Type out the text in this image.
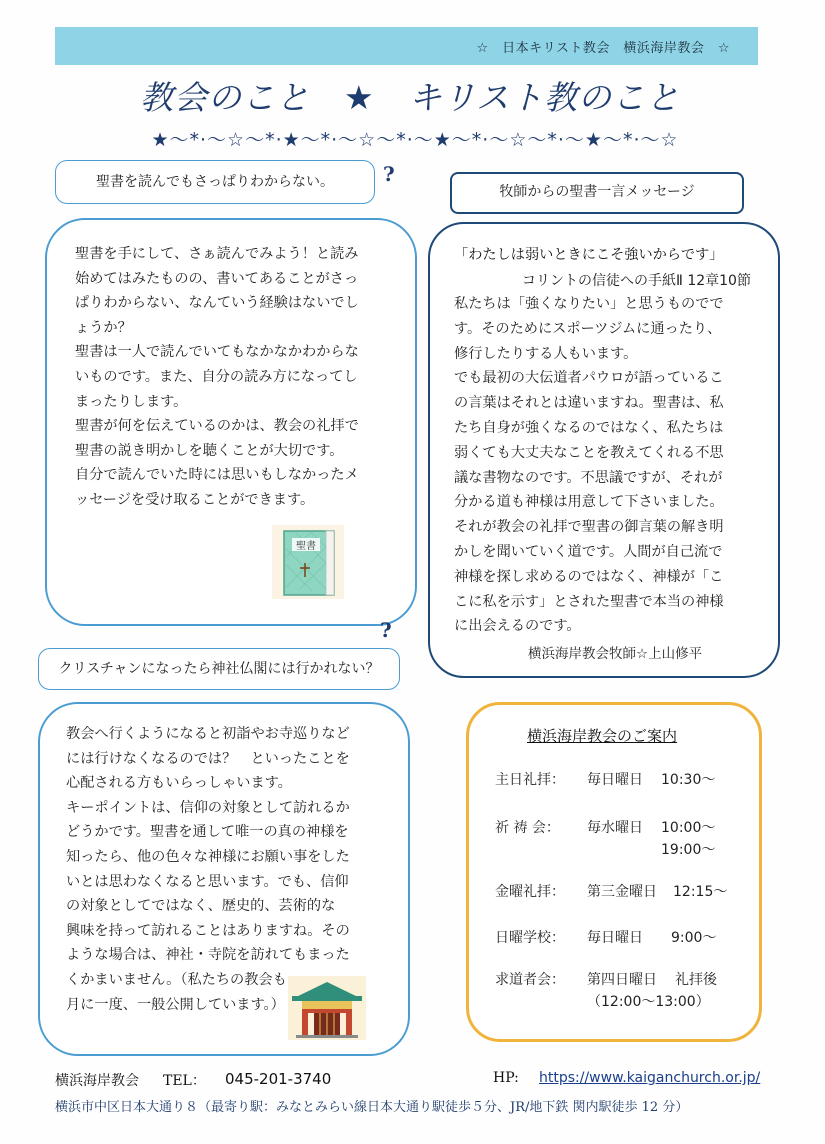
☆　日本キリスト教会　横浜海岸教会　☆
教会のこと　★　キリスト教のこと
★〜*·〜☆〜*·★〜*·〜☆〜*·〜★〜*·〜☆〜*·〜★〜*·〜☆
聖書を読んでもさっぱりわからない。	?
聖書を手にして、さぁ読んでみよう！と読み
始めてはみたものの、書いてあることがさっ
ぱりわからない、なんていう経験はないでし
ょうか？
聖書は一人で読んでいてもなかなかわからな
いものです。また、自分の読み方になってし
まったりします。
聖書が何を伝えているのかは、教会の礼拝で
聖書の説き明かしを聴くことが大切です。
自分で読んでいた時には思いもしなかったメ
ッセージを受け取ることができます。
聖書
?
クリスチャンになったら神社仏閣には行かれない？
教会へ行くようになると初詣やお寺巡りなど
には行けなくなるのでは？　といったことを
心配される方もいらっしゃいます。
キーポイントは、信仰の対象として訪れるか
どうかです。聖書を通して唯一の真の神様を
知ったら、他の色々な神様にお願い事をした
いとは思わなくなると思います。でも、信仰
の対象としてではなく、歴史的、芸術的な
興味を持って訪れることはありますね。その
ような場合は、神社・寺院を訪れてもまった
くかまいません。（私たちの教会も
月に一度、一般公開しています。）
牧師からの聖書一言メッセージ
「わたしは弱いときにこそ強いからです」
コリントの信徒への手紙Ⅱ 12章10節
私たちは「強くなりたい」と思うものでで
す。そのためにスポーツジムに通ったり、
修行したりする人もいます。
でも最初の大伝道者パウロが語っているこ
の言葉はそれとは違いますね。聖書は、私
たち自身が強くなるのではなく、私たちは
弱くても大丈夫なことを教えてくれる不思
議な書物なのです。不思議ですが、それが
分かる道も神様は用意して下さいました。
それが教会の礼拝で聖書の御言葉の解き明
かしを聞いていく道です。人間が自己流で
神様を探し求めるのではなく、神様が「こ
こに私を示す」とされた聖書で本当の神様
に出会えるのです。
横浜海岸教会牧師☆上山修平
横浜海岸教会のご案内
主日礼拝： 毎日曜日 10:30〜
祈 祷 会： 毎水曜日 10:00〜
19:00〜
金曜礼拝： 第三金曜日 12:15〜
日曜学校： 毎日曜日 9:00〜
求道者会： 第四日曜日 礼拝後
（12:00〜13:00）
横浜海岸教会 TEL： 045-201-3740	HP: https://www.kaiganchurch.or.jp/
横浜市中区日本大通り８（最寄り駅：みなとみらい線日本大通り駅徒歩５分、JR/地下鉄 関内駅徒歩 12 分）
